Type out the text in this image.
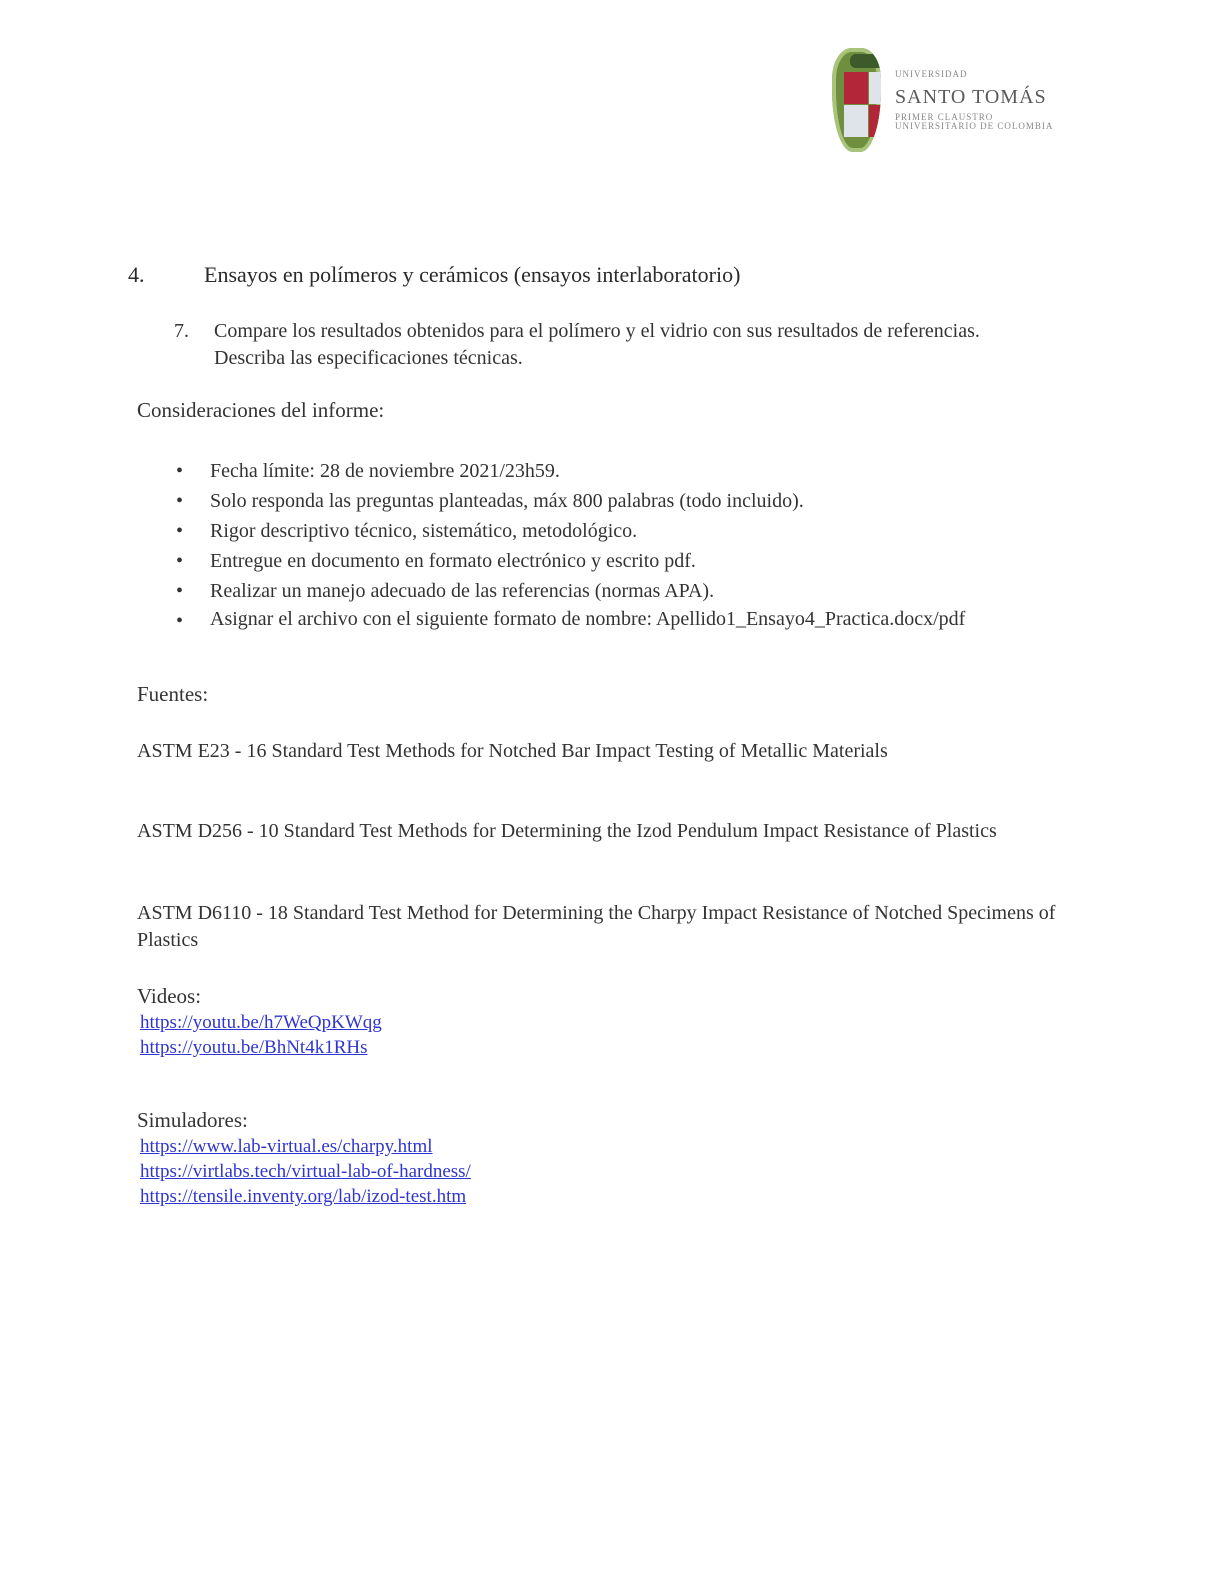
UNIVERSIDAD
SANTO TOMÁS
PRIMER CLAUSTRO UNIVERSITARIO DE COLOMBIA
4.	Ensayos en polímeros y cerámicos (ensayos interlaboratorio)
7. Compare los resultados obtenidos para el polímero y el vidrio con sus resultados de referencias. Describa las especificaciones técnicas.
Consideraciones del informe:
•	Fecha límite: 28 de noviembre 2021/23h59.
•	Solo responda las preguntas planteadas, máx 800 palabras (todo incluido).
•	Rigor descriptivo técnico, sistemático, metodológico.
•	Entregue en documento en formato electrónico y escrito pdf.
•	Realizar un manejo adecuado de las referencias (normas APA).
•	Asignar el archivo con el siguiente formato de nombre: Apellido1_Ensayo4_Practica.docx/pdf
Fuentes:
ASTM E23 - 16 Standard Test Methods for Notched Bar Impact Testing of Metallic Materials
ASTM D256 - 10 Standard Test Methods for Determining the Izod Pendulum Impact Resistance of Plastics
ASTM D6110 - 18 Standard Test Method for Determining the Charpy Impact Resistance of Notched Specimens of Plastics
Videos:
https://youtu.be/h7WeQpKWqg
https://youtu.be/BhNt4k1RHs
Simuladores:
https://www.lab-virtual.es/charpy.html
https://virtlabs.tech/virtual-lab-of-hardness/
https://tensile.inventy.org/lab/izod-test.htm
